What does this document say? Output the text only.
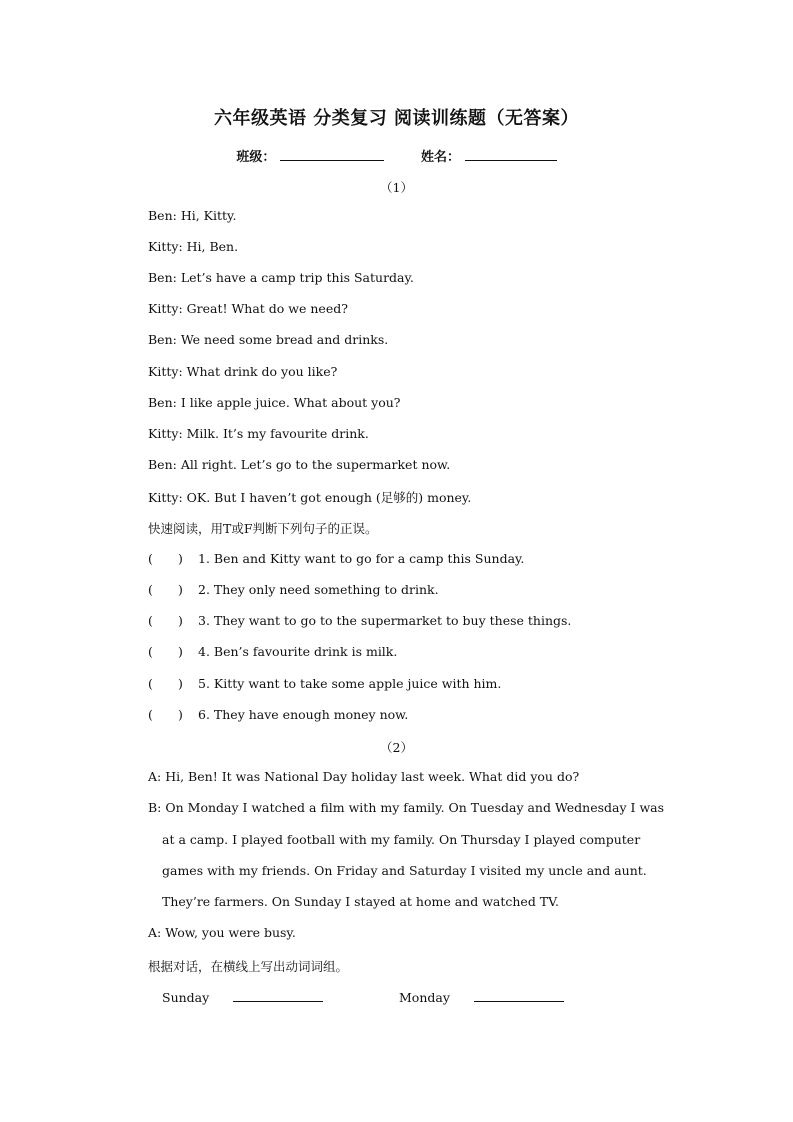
六年级英语 分类复习 阅读训练题（无答案）
班级：	姓名：
（1）
Ben: Hi, Kitty.
Kitty: Hi, Ben.
Ben: Let’s have a camp trip this Saturday.
Kitty: Great! What do we need?
Ben: We need some bread and drinks.
Kitty: What drink do you like?
Ben: I like apple juice. What about you?
Kitty: Milk. It’s my favourite drink.
Ben: All right. Let’s go to the supermarket now.
Kitty: OK. But I haven’t got enough (足够的) money.
快速阅读，用T或F判断下列句子的正误。
( ) 1. Ben and Kitty want to go for a camp this Sunday.
( ) 2. They only need something to drink.
( ) 3. They want to go to the supermarket to buy these things.
( ) 4. Ben’s favourite drink is milk.
( ) 5. Kitty want to take some apple juice with him.
( ) 6. They have enough money now.
（2）
A: Hi, Ben! It was National Day holiday last week. What did you do?
B: On Monday I watched a film with my family. On Tuesday and Wednesday I was
at a camp. I played football with my family. On Thursday I played computer
games with my friends. On Friday and Saturday I visited my uncle and aunt.
They’re farmers. On Sunday I stayed at home and watched TV.
A: Wow, you were busy.
根据对话，在横线上写出动词词组。
Sunday	Monday
